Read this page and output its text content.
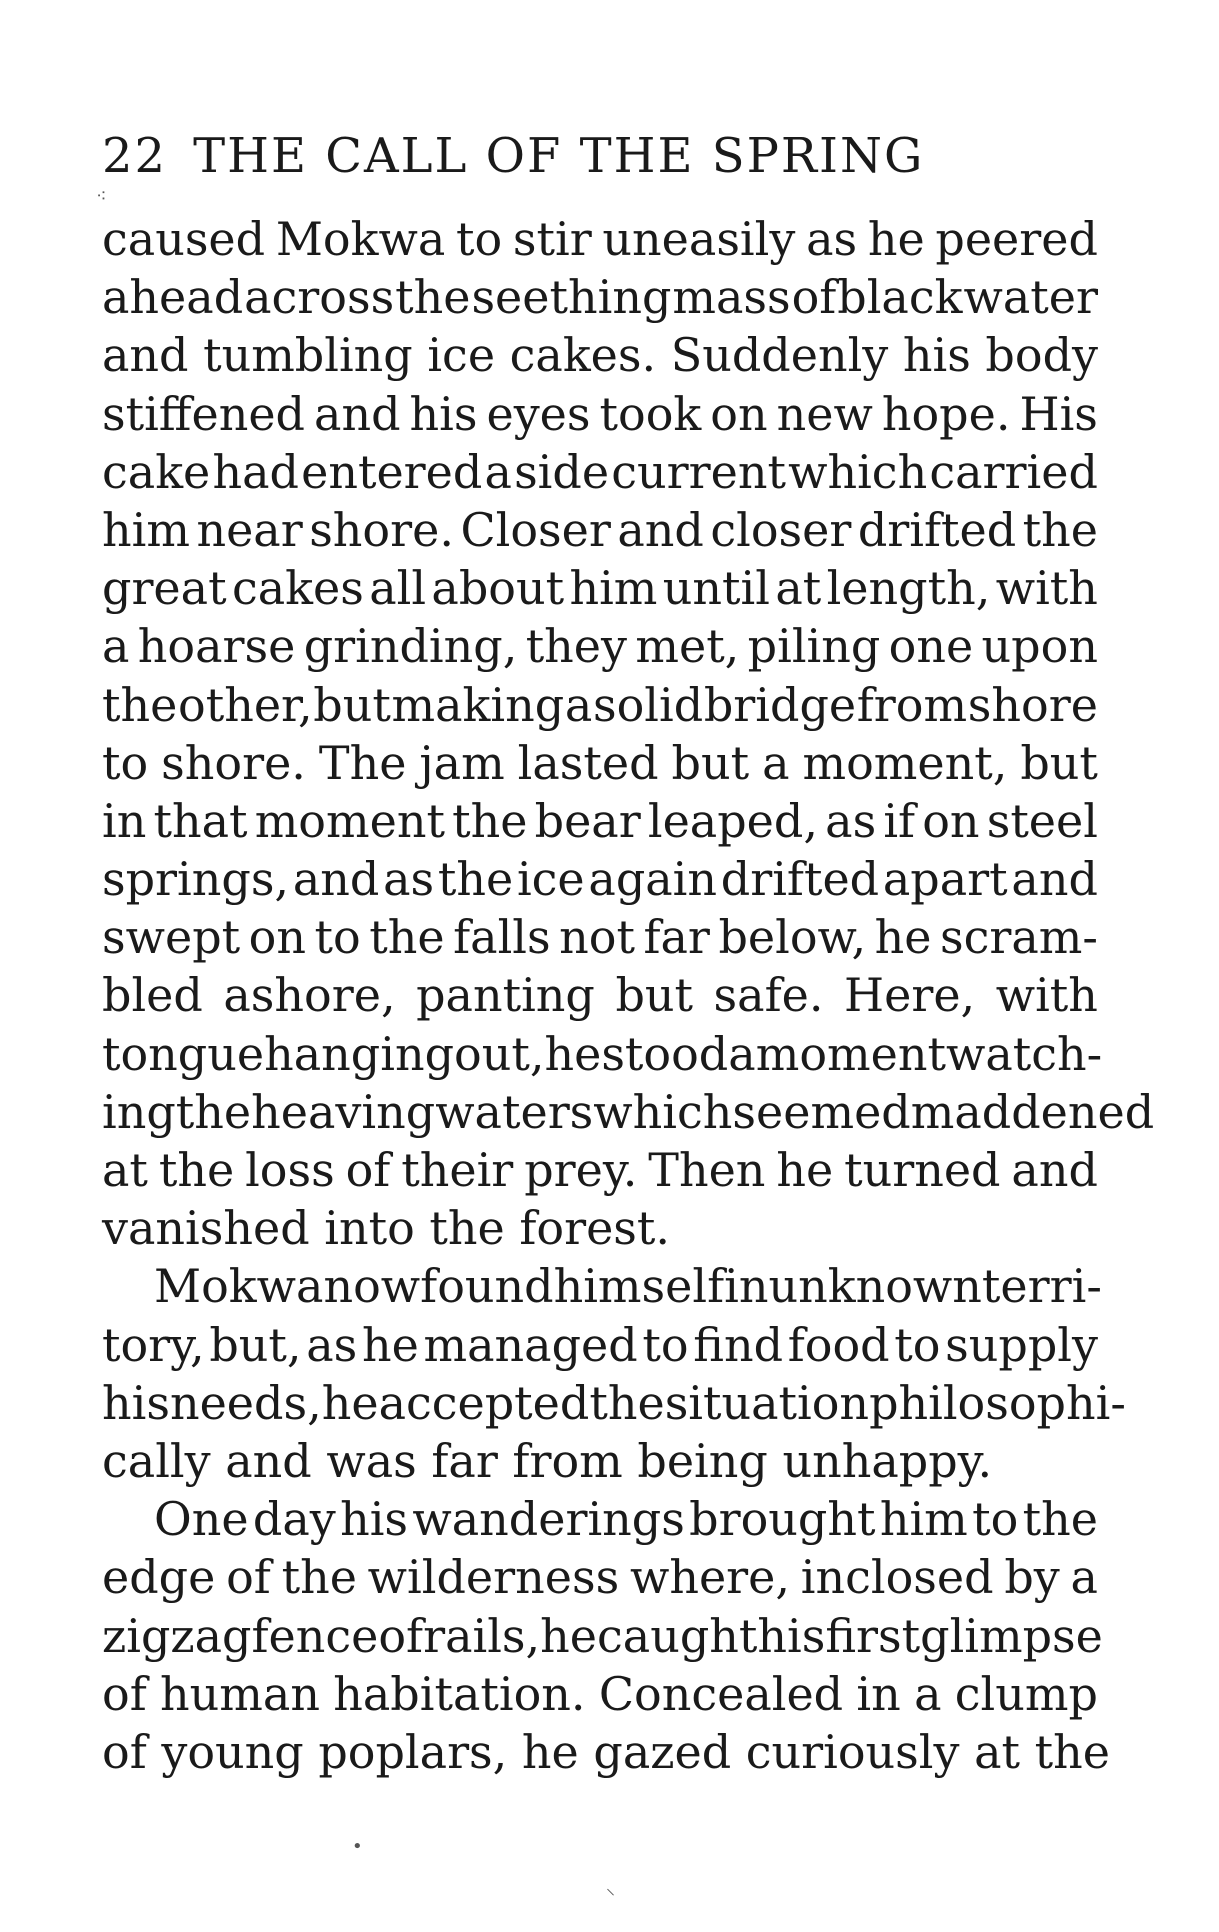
22 THE CALL OF THE SPRING
caused Mokwa to stir uneasily as he peered
ahead across the seething mass of black water
and tumbling ice cakes. Suddenly his body
stiffened and his eyes took on new hope. His
cake had entered a side current which carried
him near shore. Closer and closer drifted the
great cakes all about him until at length, with
a hoarse grinding, they met, piling one upon
the other, but making a solid bridge from shore
to shore. The jam lasted but a moment, but
in that moment the bear leaped, as if on steel
springs, and as the ice again drifted apart and
swept on to the falls not far below, he scram-
bled ashore, panting but safe. Here, with
tongue hanging out, he stood a moment watch-
ing the heaving waters which seemed maddened
at the loss of their prey. Then he turned and
vanished into the forest.
Mokwa now found himself in unknown terri-
tory, but, as he managed to find food to supply
his needs, he accepted the situation philosophi-
cally and was far from being unhappy.
One day his wanderings brought him to the
edge of the wilderness where, inclosed by a
zigzag fence of rails, he caught his first glimpse
of human habitation. Concealed in a clump
of young poplars, he gazed curiously at the
⁖
•
⸜
